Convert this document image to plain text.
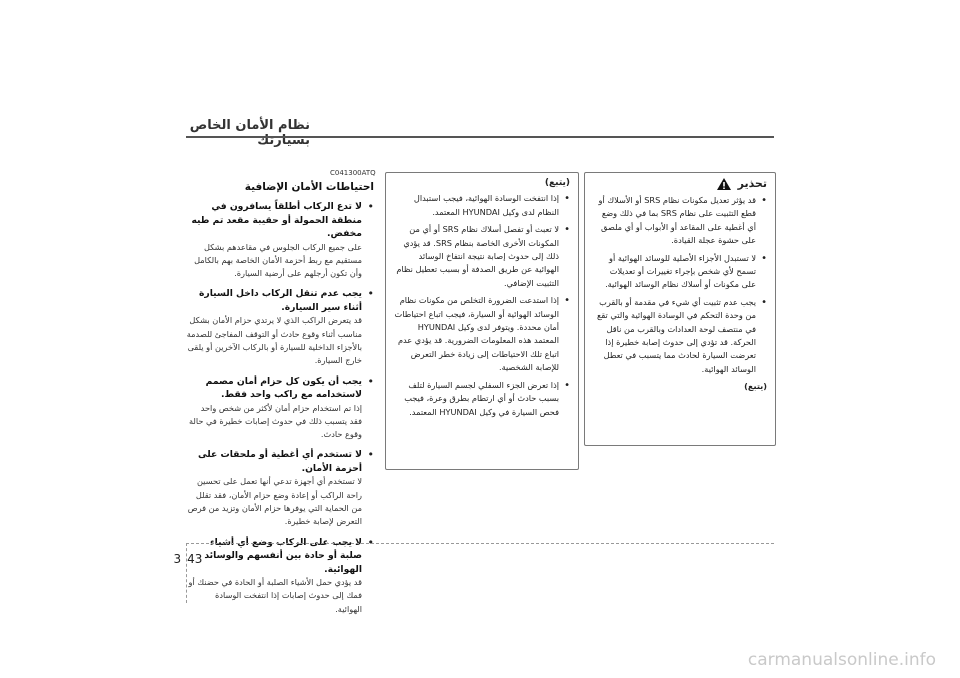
نظام الأمان الخاص بسيارتك
C041300ATQ
احتياطات الأمان الإضافية
• لا تدع الركاب أطلقاً يسافرون في منطقة الحمولة أو حقيبة مقعد تم طيه مخفض.
على جميع الركاب الجلوس في مقاعدهم بشكل مستقيم مع ربط أحزمة الأمان الخاصة بهم بالكامل وأن تكون أرجلهم على أرضية السيارة.
• يجب عدم تنقل الركاب داخل السيارة أثناء سير السيارة.
قد يتعرض الراكب الذي لا يرتدي حزام الأمان بشكل مناسب أثناء وقوع حادث أو التوقف المفاجئ للصدمة بالأجزاء الداخلية للسيارة أو بالركاب الآخرين أو يلقى خارج السيارة.
• يجب أن يكون كل حزام أمان مصمم لاستخدامه مع راكب واحد فقط.
إذا تم استخدام حزام أمان لأكثر من شخص واحد فقد يتسبب ذلك في حدوث إصابات خطيرة في حالة وقوع حادث.
• لا تستخدم أي أغطية أو ملحقات على أحزمة الأمان.
لا تستخدم أي أجهزة تدعي أنها تعمل على تحسين راحة الراكب أو إعادة وضع حزام الأمان، فقد تقلل من الحماية التي يوفرها حزام الأمان وتزيد من فرص التعرض لإصابة خطيرة.
• لا يجب على الركاب وضع أي أشياء صلبة أو حادة بين أنفسهم والوسائد الهوائية.
قد يؤدي حمل الأشياء الصلبة أو الحادة في حضنك أو فمك إلى حدوث إصابات إذا انتفخت الوسادة الهوائية.
(يتبع)
• إذا انتفخت الوسادة الهوائية، فيجب استبدال النظام لدى وكيل HYUNDAI المعتمد.
• لا تعبث أو تفصل أسلاك نظام SRS أو أي من المكونات الأخرى الخاصة بنظام SRS. قد يؤدي ذلك إلى حدوث إصابة نتيجة انتفاخ الوسائد الهوائية عن طريق الصدفة أو بسبب تعطيل نظام التثبيت الإضافي.
• إذا استدعت الضرورة التخلص من مكونات نظام الوسائد الهوائية أو السيارة، فيجب اتباع احتياطات أمان محددة. ويتوفر لدى وكيل HYUNDAI المعتمد هذه المعلومات الضرورية. قد يؤدي عدم اتباع تلك الاحتياطات إلى زيادة خطر التعرض للإصابة الشخصية.
• إذا تعرض الجزء السفلي لجسم السيارة لتلف بسبب حادث أو أي ارتطام بطرق وعرة، فيجب فحص السيارة في وكيل HYUNDAI المعتمد.
تحذير
• قد يؤثر تعديل مكونات نظام SRS أو الأسلاك أو قطع التثبيت على نظام SRS بما في ذلك وضع أي أغطية على المقاعد أو الأبواب أو أي ملصق على حشوة عجلة القيادة.
• لا تستبدل الأجزاء الأصلية للوسائد الهوائية أو تسمح لأي شخص بإجراء تغييرات أو تعديلات على مكونات أو أسلاك نظام الوسائد الهوائية.
• يجب عدم تثبيت أي شيء في مقدمة أو بالقرب من وحدة التحكم في الوسادة الهوائية والتي تقع في منتصف لوحة العدادات وبالقرب من ناقل الحركة. قد تؤدي إلى حدوث إصابة خطيرة إذا تعرضت السيارة لحادث مما يتسبب في تعطل الوسائد الهوائية.
(يتبع)
3 43
carmanualsonline.info
